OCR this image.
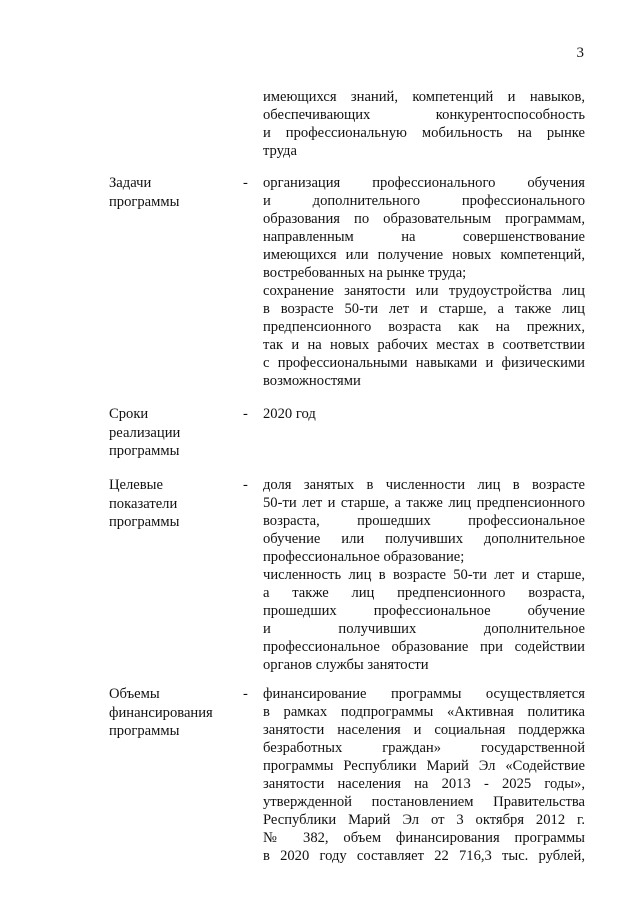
3
имеющихся знаний, компетенций и навыков,
обеспечивающих конкурентоспособность
и профессиональную мобильность на рынке
труда
Задачи
программы
- организация профессионального обучения
и дополнительного профессионального
образования по образовательным программам,
направленным на совершенствование
имеющихся или получение новых компетенций,
востребованных на рынке труда;
сохранение занятости или трудоустройства лиц
в возрасте 50-ти лет и старше, а также лиц
предпенсионного возраста как на прежних,
так и на новых рабочих местах в соответствии
с профессиональными навыками и физическими
возможностями
Сроки
реализации
программы
- 2020 год
Целевые
показатели
программы
- доля занятых в численности лиц в возрасте
50-ти лет и старше, а также лиц предпенсионного
возраста, прошедших профессиональное
обучение или получивших дополнительное
профессиональное образование;
численность лиц в возрасте 50-ти лет и старше,
а также лиц предпенсионного возраста,
прошедших профессиональное обучение
и получивших дополнительное
профессиональное образование при содействии
органов службы занятости
Объемы
финансирования
программы
- финансирование программы осуществляется
в рамках подпрограммы «Активная политика
занятости населения и социальная поддержка
безработных граждан» государственной
программы Республики Марий Эл «Содействие
занятости населения на 2013 - 2025 годы»,
утвержденной постановлением Правительства
Республики Марий Эл от 3 октября 2012 г.
№ 382, объем финансирования программы
в 2020 году составляет 22 716,3 тыс. рублей,
